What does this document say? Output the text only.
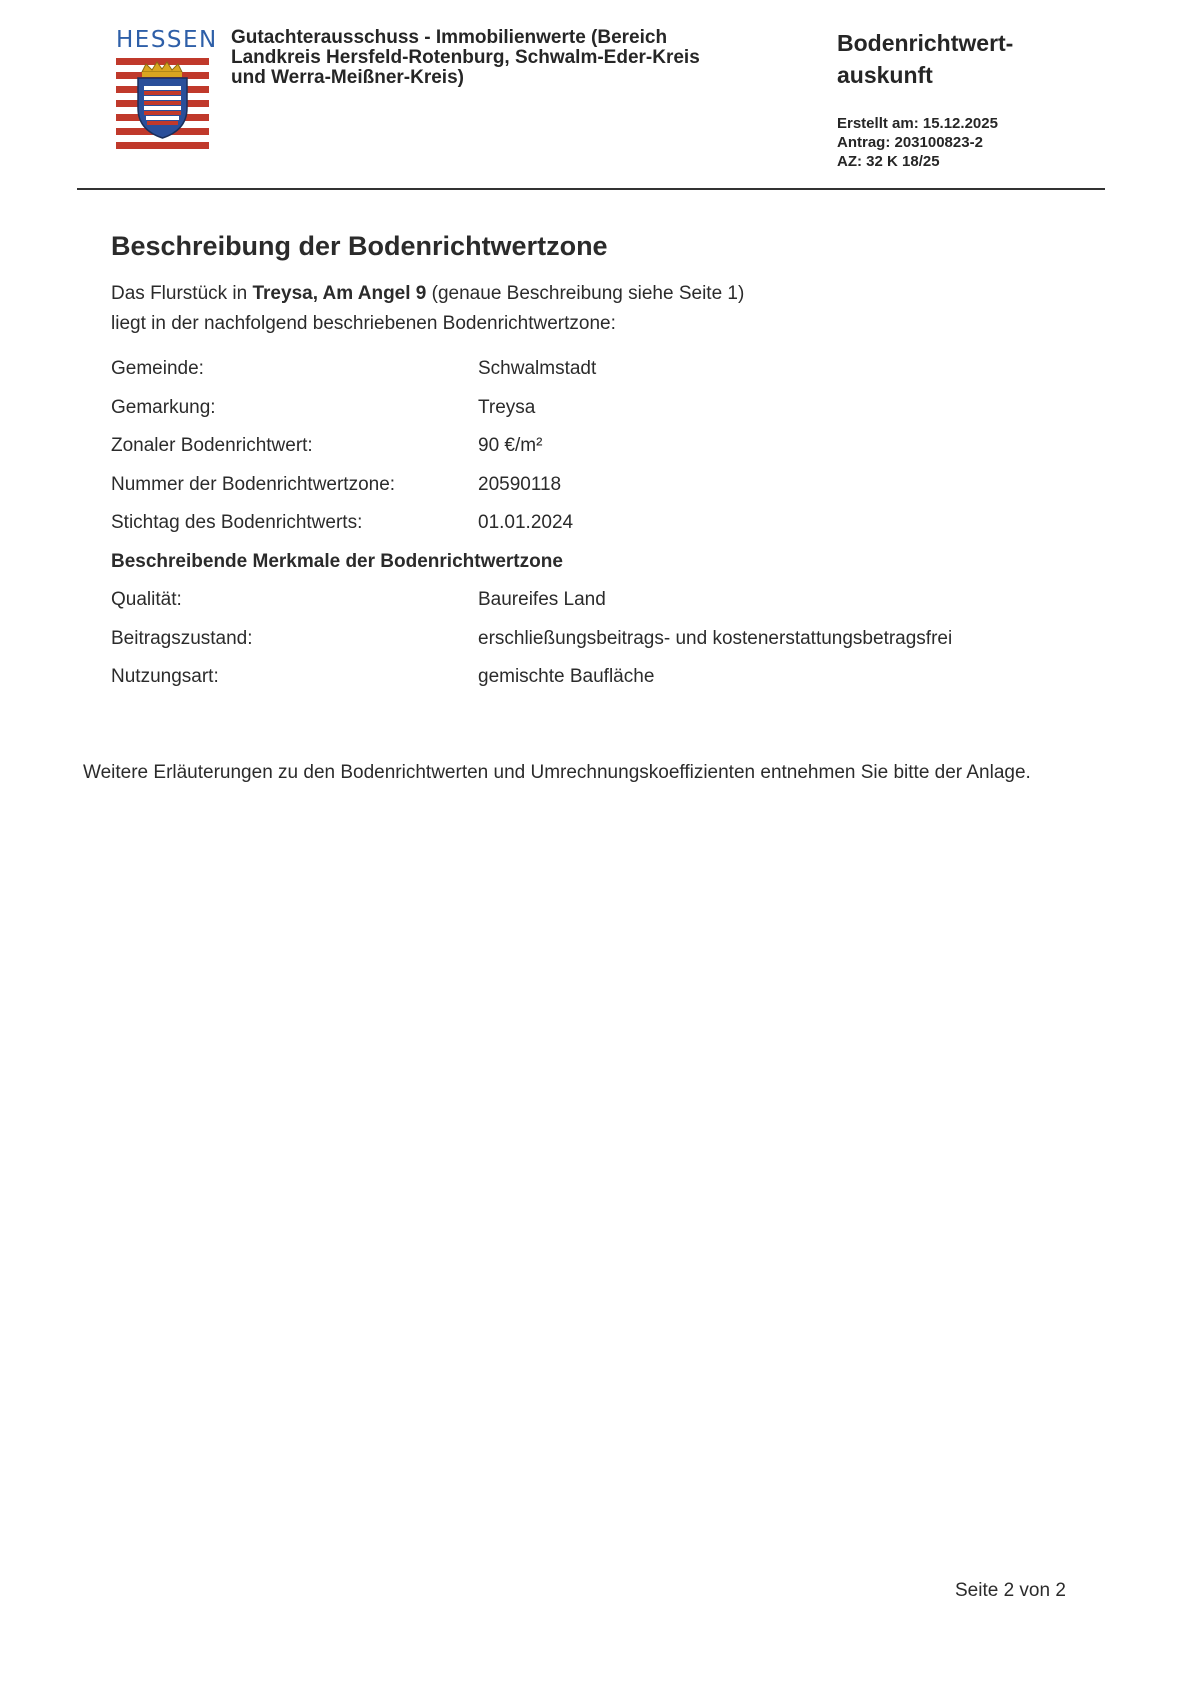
HESSEN Gutachterausschuss - Immobilienwerte (Bereich
Landkreis Hersfeld-Rotenburg, Schwalm-Eder-Kreis
und Werra-Meißner-Kreis)
Bodenrichtwert-
auskunft
Erstellt am: 15.12.2025
Antrag: 203100823-2
AZ: 32 K 18/25
Beschreibung der Bodenrichtwertzone
Das Flurstück in Treysa, Am Angel 9 (genaue Beschreibung siehe Seite 1)
liegt in der nachfolgend beschriebenen Bodenrichtwertzone:
Gemeinde:	Schwalmstadt
Gemarkung:	Treysa
Zonaler Bodenrichtwert:	90 €/m²
Nummer der Bodenrichtwertzone:	20590118
Stichtag des Bodenrichtwerts:	01.01.2024
Beschreibende Merkmale der Bodenrichtwertzone
Qualität:	Baureifes Land
Beitragszustand:	erschließungsbeitrags- und kostenerstattungsbetragsfrei
Nutzungsart:	gemischte Baufläche
Weitere Erläuterungen zu den Bodenrichtwerten und Umrechnungskoeffizienten entnehmen Sie bitte der Anlage.
Seite 2 von 2
